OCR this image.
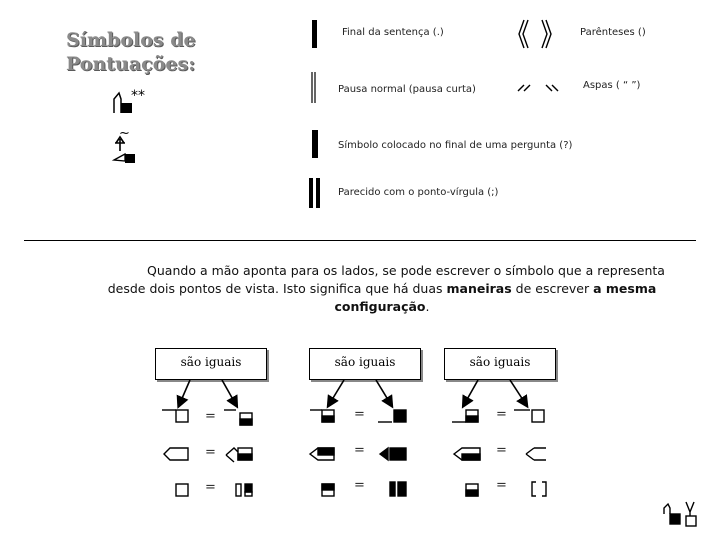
Símbolos de
Pontuações:
**
~
Final da sentença (.)
Pausa normal (pausa curta)
Símbolo colocado no final de uma pergunta (?)
Parecido com o ponto-vírgula (;)
Parênteses ()
Aspas ( “ ”)
Quando a mão aponta para os lados, se pode escrever o símbolo que a representa desde dois pontos de vista. Isto significa que há duas maneiras de escrever a mesma configuração.
são iguais	são iguais	são iguais
=
=
=
=
=
=
=
=
=
